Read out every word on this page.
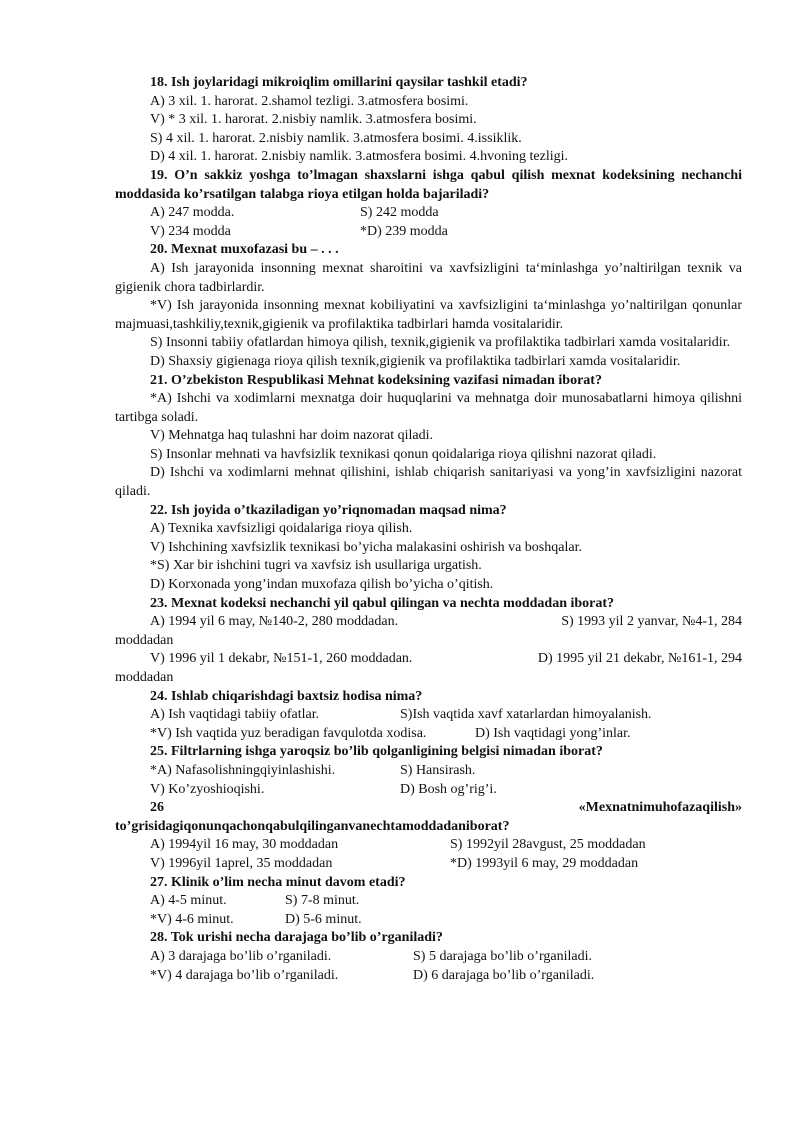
18. Ish joylaridagi mikroiqlim omillarini qaysilar tashkil etadi?

A) 3 xil. 1. harorat. 2.shamol tezligi. 3.atmosfera bosimi.

V) * 3 xil. 1. harorat. 2.nisbiy namlik. 3.atmosfera bosimi.

S) 4 xil. 1. harorat. 2.nisbiy namlik. 3.atmosfera bosimi. 4.issiklik.

D) 4 xil. 1. harorat. 2.nisbiy namlik. 3.atmosfera bosimi. 4.hvoning tezligi.

19. O’n sakkiz yoshga to’lmagan shaxslarni ishga qabul qilish mexnat kodeksining nechanchi moddasida ko’rsatilgan talabga rioya etilgan holda bajariladi?

A) 247 modda.	S) 242 modda
V) 234 modda	*D) 239 modda

20. Mexnat muxofazasi bu – . . .

A) Ish jarayonida insonning mexnat sharoitini va xavfsizligini ta‘minlashga yo’naltirilgan texnik va gigienik chora tadbirlardir.

*V) Ish jarayonida insonning mexnat kobiliyatini va xavfsizligini ta‘minlashga yo’naltirilgan qonunlar majmuasi,tashkiliy,texnik,gigienik va profilaktika tadbirlari hamda vositalaridir.

S) Insonni tabiiy ofatlardan himoya qilish, texnik,gigienik va profilaktika tadbirlari xamda vositalaridir.

D) Shaxsiy gigienaga rioya qilish texnik,gigienik va profilaktika tadbirlari xamda vositalaridir.

21. O’zbekiston Respublikasi Mehnat kodeksining vazifasi nimadan iborat?

*A) Ishchi va xodimlarni mexnatga doir huquqlarini va mehnatga doir munosabatlarni himoya qilishni tartibga soladi.

V) Mehnatga haq tulashni har doim nazorat qiladi.

S) Insonlar mehnati va havfsizlik texnikasi qonun qoidalariga rioya qilishni nazorat qiladi.

D) Ishchi va xodimlarni mehnat qilishini, ishlab chiqarish sanitariyasi va yong’in xavfsizligini nazorat qiladi.

22. Ish joyida o’tkaziladigan yo’riqnomadan maqsad nima?

A) Texnika xavfsizligi qoidalariga rioya qilish.

V) Ishchining xavfsizlik texnikasi bo’yicha malakasini oshirish va boshqalar.

*S) Xar bir ishchini tugri va xavfsiz ish usullariga urgatish.

D) Korxonada yong’indan muxofaza qilish bo’yicha o’qitish.

23. Mexnat kodeksi nechanchi yil qabul qilingan va nechta moddadan iborat?

A) 1994 yil 6 may, №140-2, 280 moddadan.	S) 1993 yil 2 yanvar, №4-1, 284

moddadan

V) 1996 yil 1 dekabr, №151-1, 260 moddadan.	D) 1995 yil 21 dekabr, №161-1, 294

moddadan

24. Ishlab chiqarishdagi baxtsiz hodisa nima?

A) Ish vaqtidagi tabiiy ofatlar.	S)Ish vaqtida xavf xatarlardan himoyalanish.
*V) Ish vaqtida yuz beradigan favqulotda xodisa.	D) Ish vaqtidagi yong’inlar.

25. Filtrlarning ishga yaroqsiz bo’lib qolganligining belgisi nimadan iborat?

*A) Nafasolishningqiyinlashishi.	S) Hansirash.
V) Ko’zyoshioqishi.	D) Bosh og’rig’i.
26	«Mexnatnimuhofazaqilish»

to’grisidagiqonunqachonqabulqilinganvanechtamoddadaniborat?

A) 1994yil 16 may, 30 moddadan	S) 1992yil 28avgust, 25 moddadan
V) 1996yil 1aprel, 35 moddadan	*D) 1993yil 6 may, 29 moddadan

27. Klinik o’lim necha minut davom etadi?

A) 4-5 minut.	S) 7-8 minut.
*V) 4-6 minut.	D) 5-6 minut.

28. Tok urishi necha darajaga bo’lib o’rganiladi?

A) 3 darajaga bo’lib o’rganiladi.	S) 5 darajaga bo’lib o’rganiladi.
*V) 4 darajaga bo’lib o’rganiladi.	D) 6 darajaga bo’lib o’rganiladi.
